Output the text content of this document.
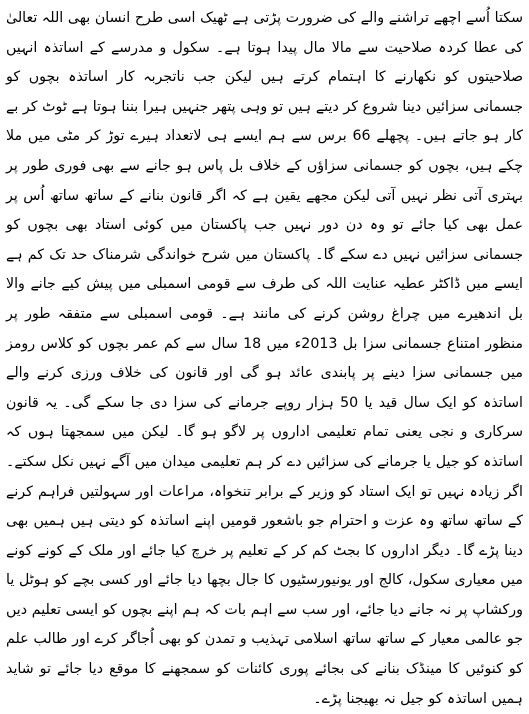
سکتا اُسے اچھے تراشنے والے کی ضرورت پڑتی ہے ٹھیک اسی طرح انسان بھی اللہ تعالیٰ کی عطا کردہ صلاحیت سے مالا مال پیدا ہوتا ہے۔ سکول و مدرسے کے اساتذہ انہیں صلاحیتوں کو نکھارنے کا اہتمام کرتے ہیں لیکن جب ناتجربہ کار اساتذہ بچوں کو جسمانی سزائیں دینا شروع کر دیتے ہیں تو وہی پتھر جنہیں ہیرا بننا ہوتا ہے ٹوٹ کر بے کار ہو جاتے ہیں۔ پچھلے 66 برس سے ہم ایسے ہی لاتعداد ہیرے توڑ کر مٹی میں ملا چکے ہیں، بچوں کو جسمانی سزاؤں کے خلاف بل پاس ہو جانے سے بھی فوری طور پر بہتری آتی نظر نہیں آتی لیکن مجھے یقین ہے کہ اگر قانون بنانے کے ساتھ ساتھ اُس پر عمل بھی کیا جائے تو وہ دن دور نہیں جب پاکستان میں کوئی استاد بھی بچوں کو جسمانی سزائیں نہیں دے سکے گا۔ پاکستان میں شرح خواندگی شرمناک حد تک کم ہے ایسے میں ڈاکٹر عطیہ عنایت اللہ کی طرف سے قومی اسمبلی میں پیش کیے جانے والا بل اندھیرے میں چراغ روشن کرنے کی مانند ہے۔ قومی اسمبلی سے متفقہ طور پر منظور امتناع جسمانی سزا بل 2013ء میں 18 سال سے کم عمر بچوں کو کلاس رومز میں جسمانی سزا دینے پر پابندی عائد ہو گی اور قانون کی خلاف ورزی کرنے والے اساتذہ کو ایک سال قید یا 50 ہزار روپے جرمانے کی سزا دی جا سکے گی۔ یہ قانون سرکاری و نجی یعنی تمام تعلیمی اداروں پر لاگو ہو گا۔ لیکن میں سمجھتا ہوں کہ اساتذہ کو جیل یا جرمانے کی سزائیں دے کر ہم تعلیمی میدان میں آگے نہیں نکل سکتے۔ اگر زیادہ نہیں تو ایک استاد کو وزیر کے برابر تنخواہ، مراعات اور سہولتیں فراہم کرنے کے ساتھ ساتھ وہ عزت و احترام جو باشعور قومیں اپنے اساتذہ کو دیتی ہیں ہمیں بھی دینا پڑے گا۔ دیگر اداروں کا بجٹ کم کر کے تعلیم پر خرچ کیا جائے اور ملک کے کونے کونے میں معیاری سکول، کالج اور یونیورسٹیوں کا جال بچھا دیا جائے اور کسی بچے کو ہوٹل یا ورکشاپ پر نہ جانے دیا جائے، اور سب سے اہم بات کہ ہم اپنے بچوں کو ایسی تعلیم دیں جو عالمی معیار کے ساتھ ساتھ اسلامی تہذیب و تمدن کو بھی اُجاگر کرے اور طالب علم کو کنوئیں کا مینڈک بنانے کی بجائے پوری کائنات کو سمجھنے کا موقع دیا جائے تو شاید ہمیں اساتذہ کو جیل نہ بھیجنا پڑے۔
